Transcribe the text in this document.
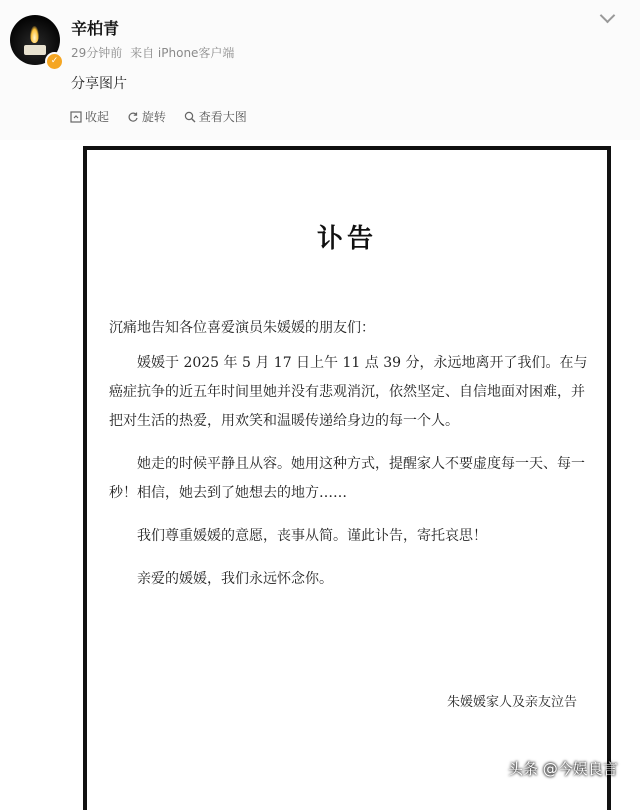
✓
辛柏青
29分钟前 来自 iPhone客户端
分享图片
收起
	旋转
	查看大图
讣告

沉痛地告知各位喜爱演员朱媛媛的朋友们：

媛媛于 2025 年 5 月 17 日上午 11 点 39 分，永远地离开了我们。在与癌症抗争的近五年时间里她并没有悲观消沉，依然坚定、自信地面对困难，并把对生活的热爱，用欢笑和温暖传递给身边的每一个人。

她走的时候平静且从容。她用这种方式，提醒家人不要虚度每一天、每一秒！相信，她去到了她想去的地方……

我们尊重媛媛的意愿，丧事从简。谨此讣告，寄托哀思！

亲爱的媛媛，我们永远怀念你。

朱媛媛家人及亲友泣告
头条 @今娱良言
